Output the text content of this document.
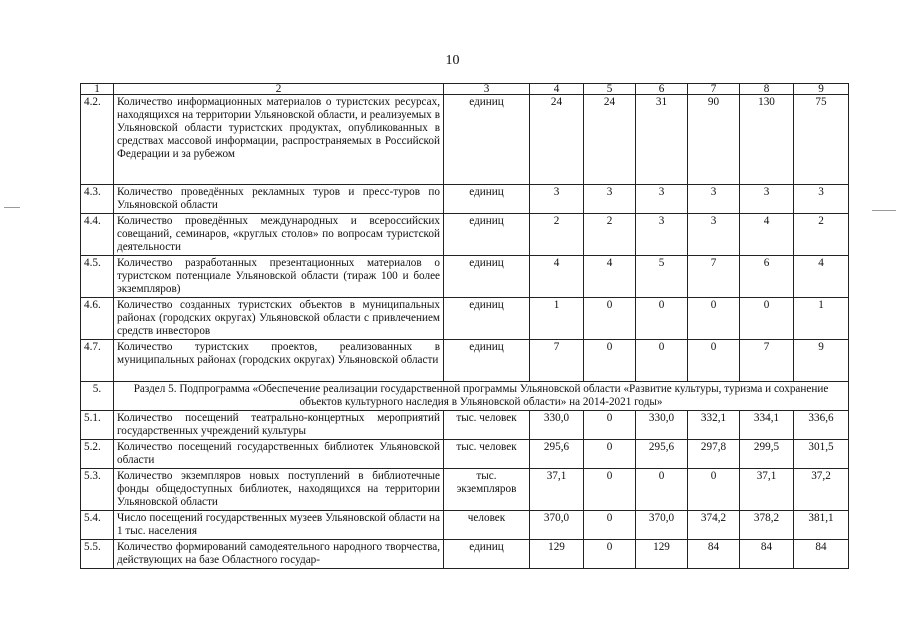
10
1	2	3	4	5	6	7	8	9
4.2.	Количество информационных материалов о туристских ресурсах, находящихся на территории Ульяновской области, и реализуемых в Ульяновской области туристских продуктах, опубликованных в средствах массовой информации, распространяемых в Российской Федерации и за рубежом	единиц	24	24	31	90	130	75
4.3.	Количество проведённых рекламных туров и пресс-туров по Ульяновской области	единиц	3	3	3	3	3	3
4.4.	Количество проведённых международных и всероссийских совещаний, семинаров, «круглых столов» по вопросам туристской деятельности	единиц	2	2	3	3	4	2
4.5.	Количество разработанных презентационных материалов о туристском потенциале Ульяновской области (тираж 100 и более экземпляров)	единиц	4	4	5	7	6	4
4.6.	Количество созданных туристских объектов в муниципальных районах (городских округах) Ульяновской области с привлечением средств инвесторов	единиц	1	0	0	0	0	1
4.7.	Количество туристских проектов, реализованных в муниципальных районах (городских округах) Ульяновской области	единиц	7	0	0	0	7	9
5.	Раздел 5. Подпрограмма «Обеспечение реализации государственной программы Ульяновской области «Развитие культуры, туризма и сохранение объектов культурного наследия в Ульяновской области» на 2014-2021 годы»							
5.1.	Количество посещений театрально-концертных мероприятий государственных учреждений культуры	тыс. человек	330,0	0	330,0	332,1	334,1	336,6
5.2.	Количество посещений государственных библиотек Ульяновской области	тыс. человек	295,6	0	295,6	297,8	299,5	301,5
5.3.	Количество экземпляров новых поступлений в библиотечные фонды общедоступных библиотек, находящихся на территории Ульяновской области	тыс. экземпляров	37,1	0	0	0	37,1	37,2
5.4.	Число посещений государственных музеев Ульяновской области на 1 тыс. населения	человек	370,0	0	370,0	374,2	378,2	381,1
5.5.	Количество формирований самодеятельного народного творчества, действующих на базе Областного государ-	единиц	129	0	129	84	84	84
